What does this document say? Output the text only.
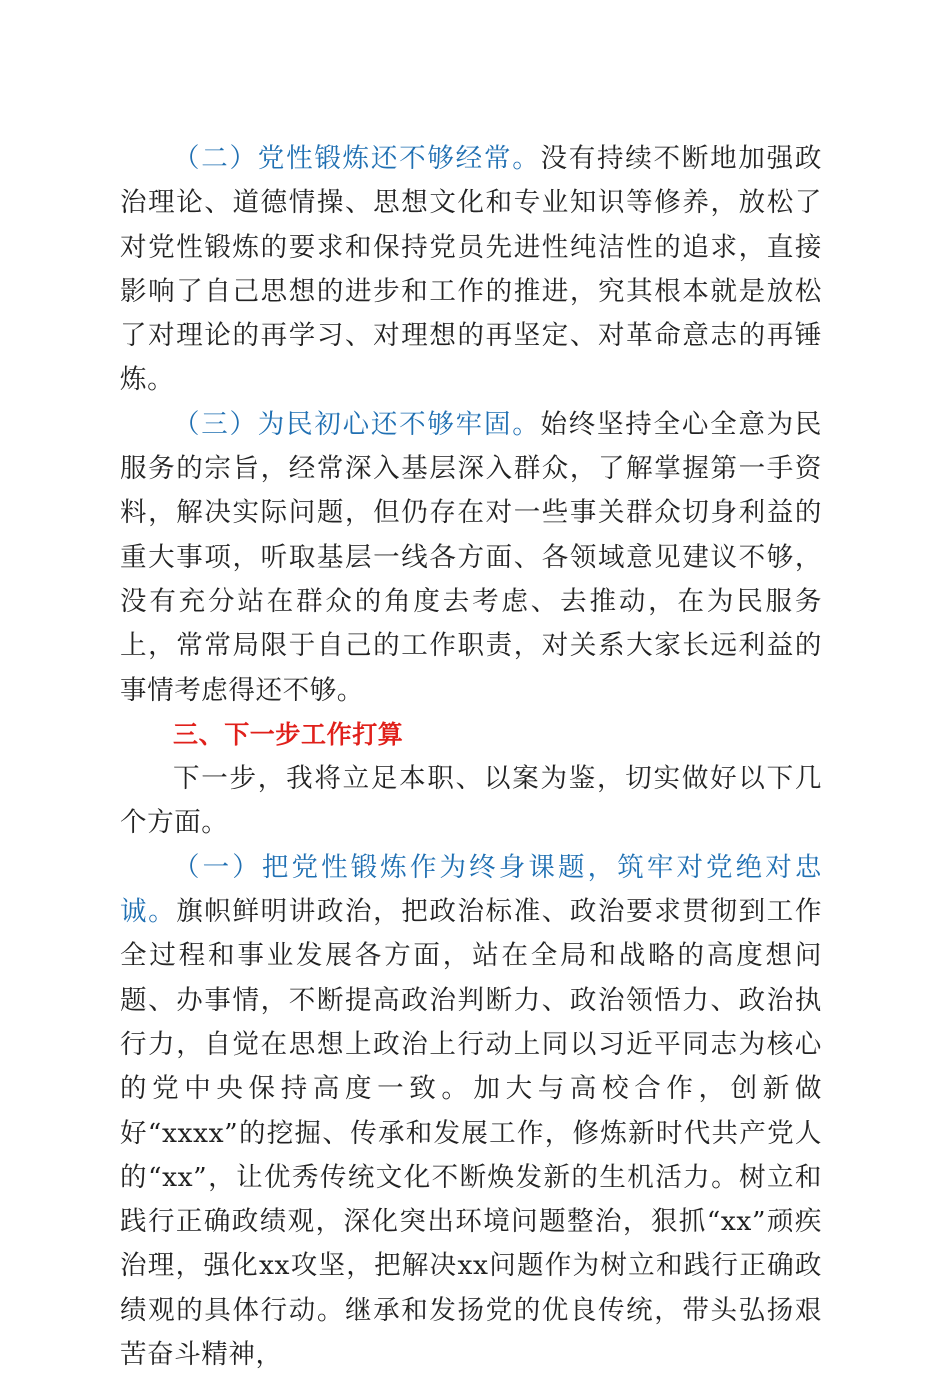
（二）党性锻炼还不够经常。没有持续不断地加强政治理论、道德情操、思想文化和专业知识等修养，放松了对党性锻炼的要求和保持党员先进性纯洁性的追求，直接影响了自己思想的进步和工作的推进，究其根本就是放松了对理论的再学习、对理想的再坚定、对革命意志的再锤炼。

（三）为民初心还不够牢固。始终坚持全心全意为民服务的宗旨，经常深入基层深入群众，了解掌握第一手资料，解决实际问题，但仍存在对一些事关群众切身利益的重大事项，听取基层一线各方面、各领域意见建议不够，没有充分站在群众的角度去考虑、去推动，在为民服务上，常常局限于自己的工作职责，对关系大家长远利益的事情考虑得还不够。

三、下一步工作打算

下一步，我将立足本职、以案为鉴，切实做好以下几个方面。

（一）把党性锻炼作为终身课题，筑牢对党绝对忠诚。旗帜鲜明讲政治，把政治标准、政治要求贯彻到工作全过程和事业发展各方面，站在全局和战略的高度想问题、办事情，不断提高政治判断力、政治领悟力、政治执行力，自觉在思想上政治上行动上同以习近平同志为核心的党中央保持高度一致。加大与高校合作，创新做好“xxxx”的挖掘、传承和发展工作，修炼新时代共产党人的“xx”，让优秀传统文化不断焕发新的生机活力。树立和践行正确政绩观，深化突出环境问题整治，狠抓“xx”顽疾治理，强化xx攻坚，把解决xx问题作为树立和践行正确政绩观的具体行动。继承和发扬党的优良传统，带头弘扬艰苦奋斗精神，
